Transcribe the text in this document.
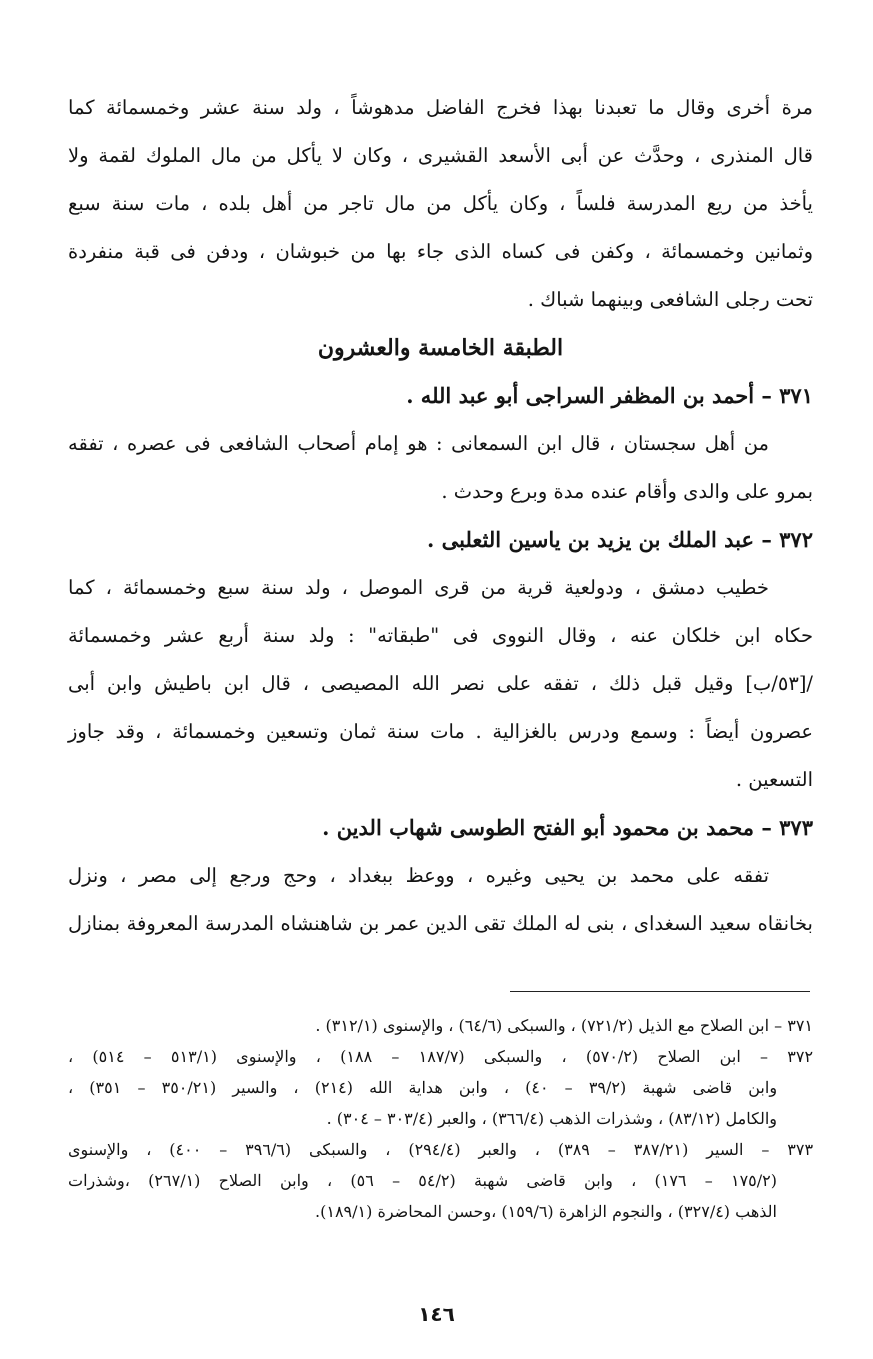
مرة أخرى وقال ما تعبدنا بهذا فخرج الفاضل مدهوشاً ، ولد سنة عشر وخمسمائة كما
قال المنذرى ، وحدَّث عن أبى الأسعد القشيرى ، وكان لا يأكل من مال الملوك لقمة ولا
يأخذ من ريع المدرسة فلساً ، وكان يأكل من مال تاجر من أهل بلده ، مات سنة سبع
وثمانين وخمسمائة ، وكفن فى كساه الذى جاء بها من خبوشان ، ودفن فى قبة منفردة
تحت رجلى الشافعى وبينهما شباك .
الطبقة الخامسة والعشرون
٣٧١ – أحمد بن المظفر السراجى أبو عبد الله .
من أهل سجستان ، قال ابن السمعانى : هو إمام أصحاب الشافعى فى عصره ، تفقه
بمرو على والدى وأقام عنده مدة وبرع وحدث .
٣٧٢ – عبد الملك بن يزيد بن ياسين الثعلبى .
خطيب دمشق ، ودولعية قرية من قرى الموصل ، ولد سنة سبع وخمسمائة ، كما
حكاه ابن خلكان عنه ، وقال النووى فى "طبقاته" : ولد سنة أربع عشر وخمسمائة
/[٥٣/ب] وقيل قبل ذلك ، تفقه على نصر الله المصيصى ، قال ابن باطيش وابن أبى
عصرون أيضاً : وسمع ودرس بالغزالية . مات سنة ثمان وتسعين وخمسمائة ، وقد جاوز
التسعين .
٣٧٣ – محمد بن محمود أبو الفتح الطوسى شهاب الدين .
تفقه على محمد بن يحيى وغيره ، ووعظ ببغداد ، وحج ورجع إلى مصر ، ونزل
بخانقاه سعيد السغداى ، بنى له الملك تقى الدين عمر بن شاهنشاه المدرسة المعروفة بمنازل
٣٧١ – ابن الصلاح مع الذيل (٧٢١/٢) ، والسبكى (٦٤/٦) ، والإسنوى (٣١٢/١) .
٣٧٢ – ابن الصلاح (٥٧٠/٢) ، والسبكى (١٨٧/٧ – ١٨٨) ، والإسنوى (٥١٣/١ – ٥١٤) ،
وابن قاضى شهبة (٣٩/٢ – ٤٠) ، وابن هداية الله (٢١٤) ، والسير (٣٥٠/٢١ – ٣٥١) ،
والكامل (٨٣/١٢) ، وشذرات الذهب (٣٦٦/٤) ، والعبر (٣٠٣/٤ – ٣٠٤) .
٣٧٣ – السير (٣٨٧/٢١ – ٣٨٩) ، والعبر (٢٩٤/٤) ، والسبكى (٣٩٦/٦ – ٤٠٠) ، والإسنوى
(١٧٥/٢ – ١٧٦) ، وابن قاضى شهبة (٥٤/٢ – ٥٦) ، وابن الصلاح (٢٦٧/١) ،وشذرات
الذهب (٣٢٧/٤) ، والنجوم الزاهرة (١٥٩/٦) ،وحسن المحاضرة (١٨٩/١).
١٤٦
